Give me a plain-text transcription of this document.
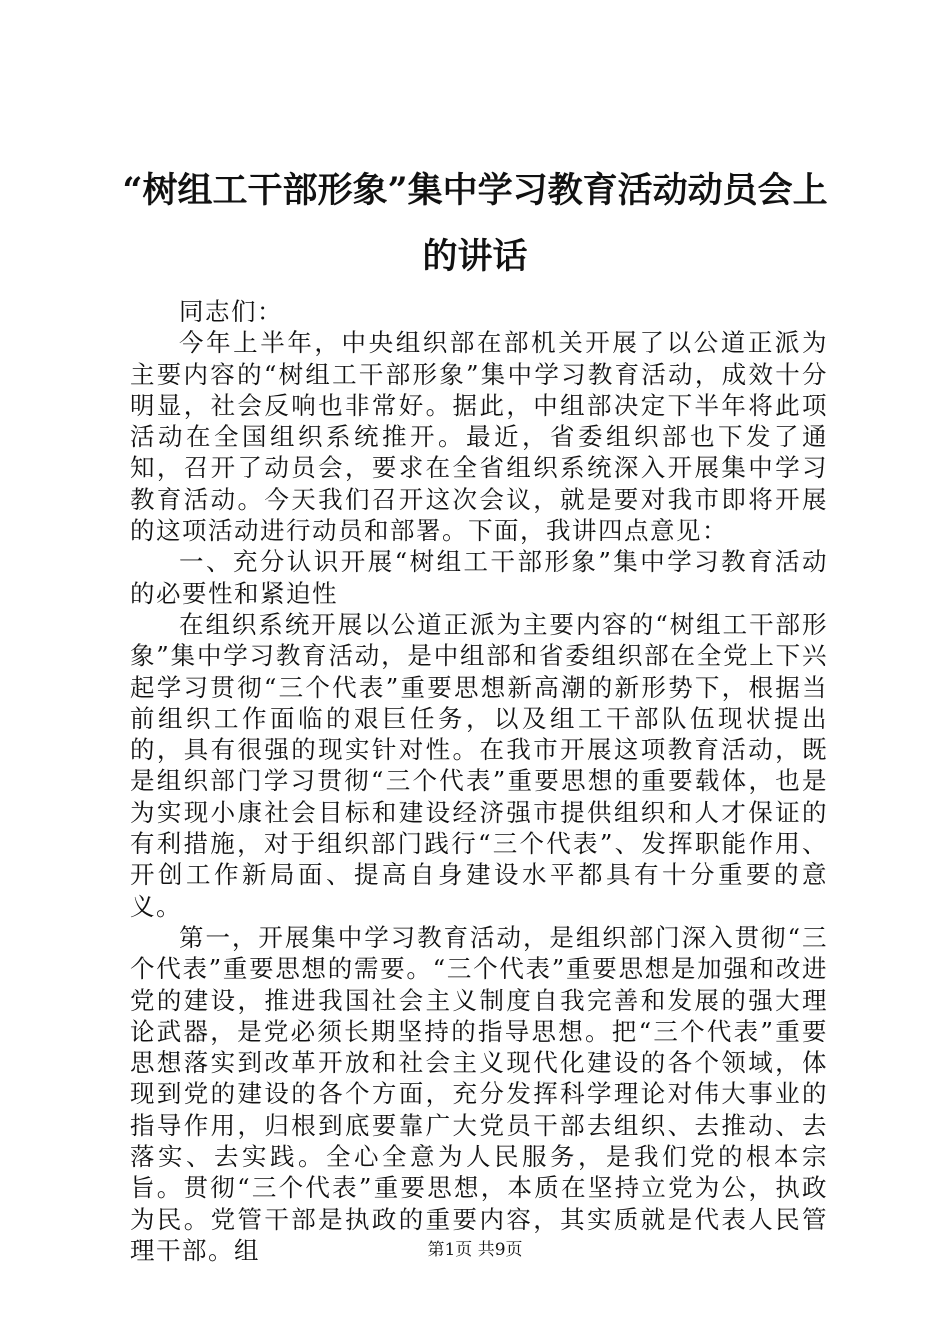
“树组工干部形象”集中学习教育活动动员会上的讲话

同志们：

今年上半年，中央组织部在部机关开展了以公道正派为主要内容的“树组工干部形象”集中学习教育活动，成效十分明显，社会反响也非常好。据此，中组部决定下半年将此项活动在全国组织系统推开。最近，省委组织部也下发了通知，召开了动员会，要求在全省组织系统深入开展集中学习教育活动。今天我们召开这次会议，就是要对我市即将开展的这项活动进行动员和部署。下面，我讲四点意见：

一、充分认识开展“树组工干部形象”集中学习教育活动的必要性和紧迫性

在组织系统开展以公道正派为主要内容的“树组工干部形象”集中学习教育活动，是中组部和省委组织部在全党上下兴起学习贯彻“三个代表”重要思想新高潮的新形势下，根据当前组织工作面临的艰巨任务，以及组工干部队伍现状提出的，具有很强的现实针对性。在我市开展这项教育活动，既是组织部门学习贯彻“三个代表”重要思想的重要载体，也是为实现小康社会目标和建设经济强市提供组织和人才保证的有利措施，对于组织部门践行“三个代表”、发挥职能作用、开创工作新局面、提高自身建设水平都具有十分重要的意义。

第一，开展集中学习教育活动，是组织部门深入贯彻“三个代表”重要思想的需要。“三个代表”重要思想是加强和改进党的建设，推进我国社会主义制度自我完善和发展的强大理论武器，是党必须长期坚持的指导思想。把“三个代表”重要思想落实到改革开放和社会主义现代化建设的各个领域，体现到党的建设的各个方面，充分发挥科学理论对伟大事业的指导作用，归根到底要靠广大党员干部去组织、去推动、去落实、去实践。全心全意为人民服务，是我们党的根本宗旨。贯彻“三个代表”重要思想，本质在坚持立党为公，执政为民。党管干部是执政的重要内容，其实质就是代表人民管理干部。组	第1页 共9页
